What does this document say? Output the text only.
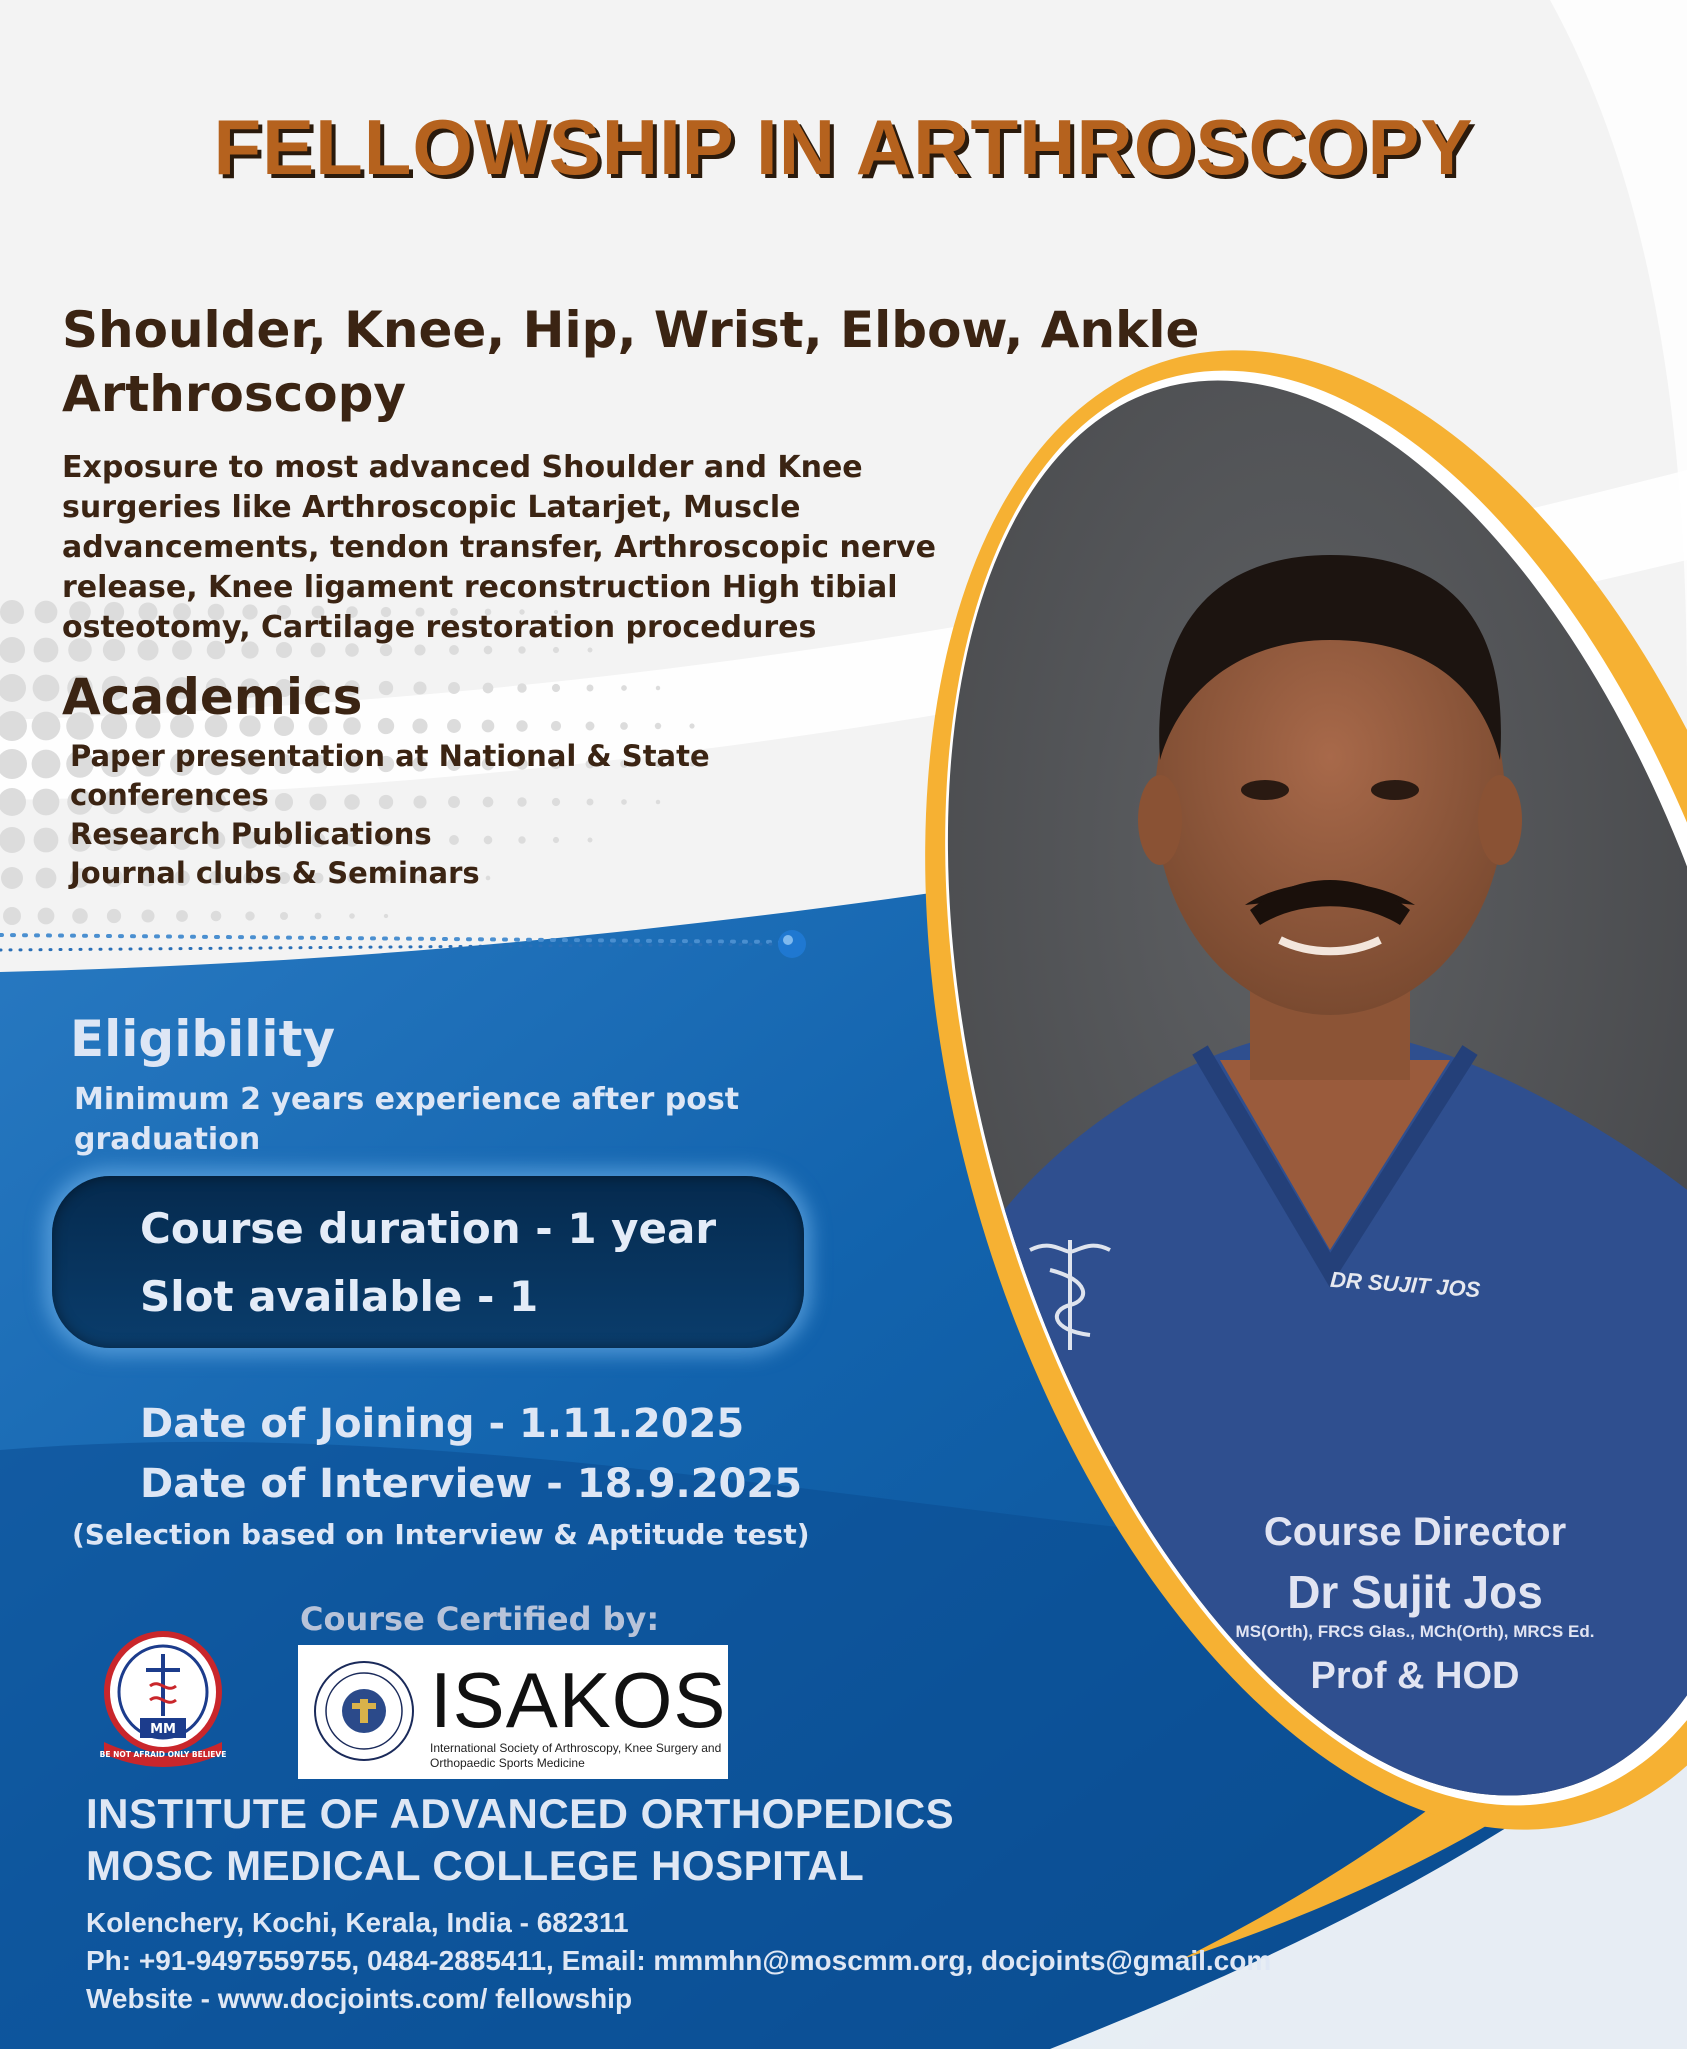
FELLOWSHIP IN ARTHROSCOPY
Shoulder, Knee, Hip, Wrist, Elbow, Ankle Arthroscopy

Exposure to most advanced Shoulder and Knee surgeries like Arthroscopic Latarjet, Muscle advancements, tendon transfer, Arthroscopic nerve release, Knee ligament reconstruction High tibial osteotomy, Cartilage restoration procedures

Academics
Paper presentation at National & State conferences
Research Publications
Journal clubs & Seminars
Eligibility

Minimum 2 years experience after post graduation

Course duration - 1 year
Slot available - 1
Date of Joining - 1.11.2025
Date of Interview - 18.9.2025
(Selection based on Interview & Aptitude test)
Course Certified by:
MM
BE NOT AFRAID ONLY BELIEVE
ISAKOS
International Society of Arthroscopy, Knee Surgery and Orthopaedic Sports Medicine
INSTITUTE OF ADVANCED ORTHOPEDICS
MOSC MEDICAL COLLEGE HOSPITAL
Kolenchery, Kochi, Kerala, India - 682311
Ph: +91-9497559755, 0484-2885411, Email: mmmhn@moscmm.org, docjoints@gmail.com
Website - www.docjoints.com/ fellowship
Course Director
Dr Sujit Jos
MS(Orth), FRCS Glas., MCh(Orth), MRCS Ed.
Prof & HOD
DR SUJIT JOS
